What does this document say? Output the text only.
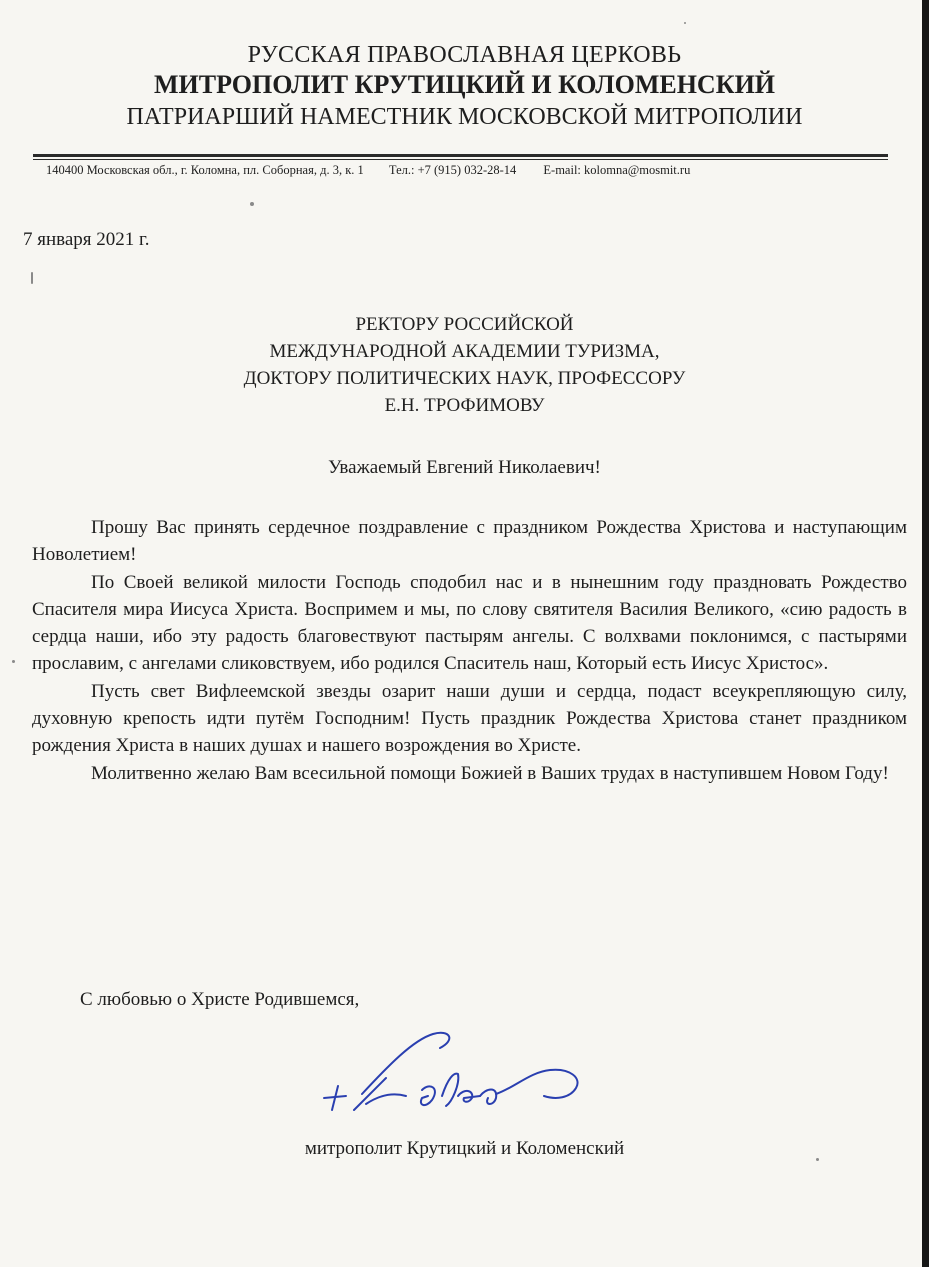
РУССКАЯ ПРАВОСЛАВНАЯ ЦЕРКОВЬ
МИТРОПОЛИТ КРУТИЦКИЙ И КОЛОМЕНСКИЙ
ПАТРИАРШИЙ НАМЕСТНИК МОСКОВСКОЙ МИТРОПОЛИИ
140400 Московская обл., г. Коломна, пл. Соборная, д. 3, к. 1 Тел.: +7 (915) 032-28-14 E-mail: kolomna@mosmit.ru
7 января 2021 г.
РЕКТОРУ РОССИЙСКОЙ
МЕЖДУНАРОДНОЙ АКАДЕМИИ ТУРИЗМА,
ДОКТОРУ ПОЛИТИЧЕСКИХ НАУК, ПРОФЕССОРУ
Е.Н. ТРОФИМОВУ
Уважаемый Евгений Николаевич!

Прошу Вас принять сердечное поздравление с праздником Рождества Христова и наступающим Новолетием!

По Своей великой милости Господь сподобил нас и в нынешним году праздновать Рождество Спасителя мира Иисуса Христа. Воспримем и мы, по слову святителя Василия Великого, «сию радость в сердца наши, ибо эту радость благовествуют пастырям ангелы. С волхвами поклонимся, с пастырями прославим, с ангелами сликовствуем, ибо родился Спаситель наш, Который есть Иисус Христос».

Пусть свет Вифлеемской звезды озарит наши души и сердца, подаст всеукрепляющую силу, духовную крепость идти путём Господним! Пусть праздник Рождества Христова станет праздником рождения Христа в наших душах и нашего возрождения во Христе.

Молитвенно желаю Вам всесильной помощи Божией в Ваших трудах в наступившем Новом Году!

С любовью о Христе Родившемся,
митрополит Крутицкий и Коломенский
